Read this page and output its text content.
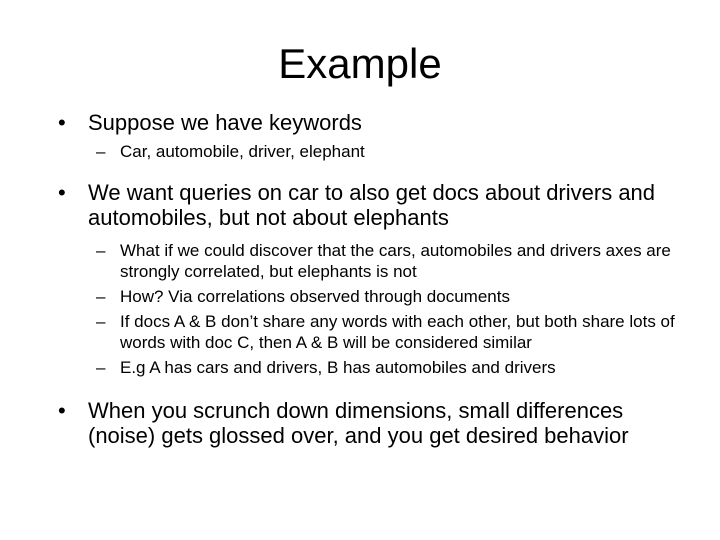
Example
• Suppose we have keywords
– Car, automobile, driver, elephant
• We want queries on car to also get docs about drivers and automobiles, but not about elephants
– What if we could discover that the cars, automobiles and drivers axes are strongly correlated, but elephants is not
– How? Via correlations observed through documents
– If docs A & B don’t share any words with each other, but both share lots of words with doc C, then A & B will be considered similar
– E.g A has cars and drivers, B has automobiles and drivers
• When you scrunch down dimensions, small differences (noise) gets glossed over, and you get desired behavior
